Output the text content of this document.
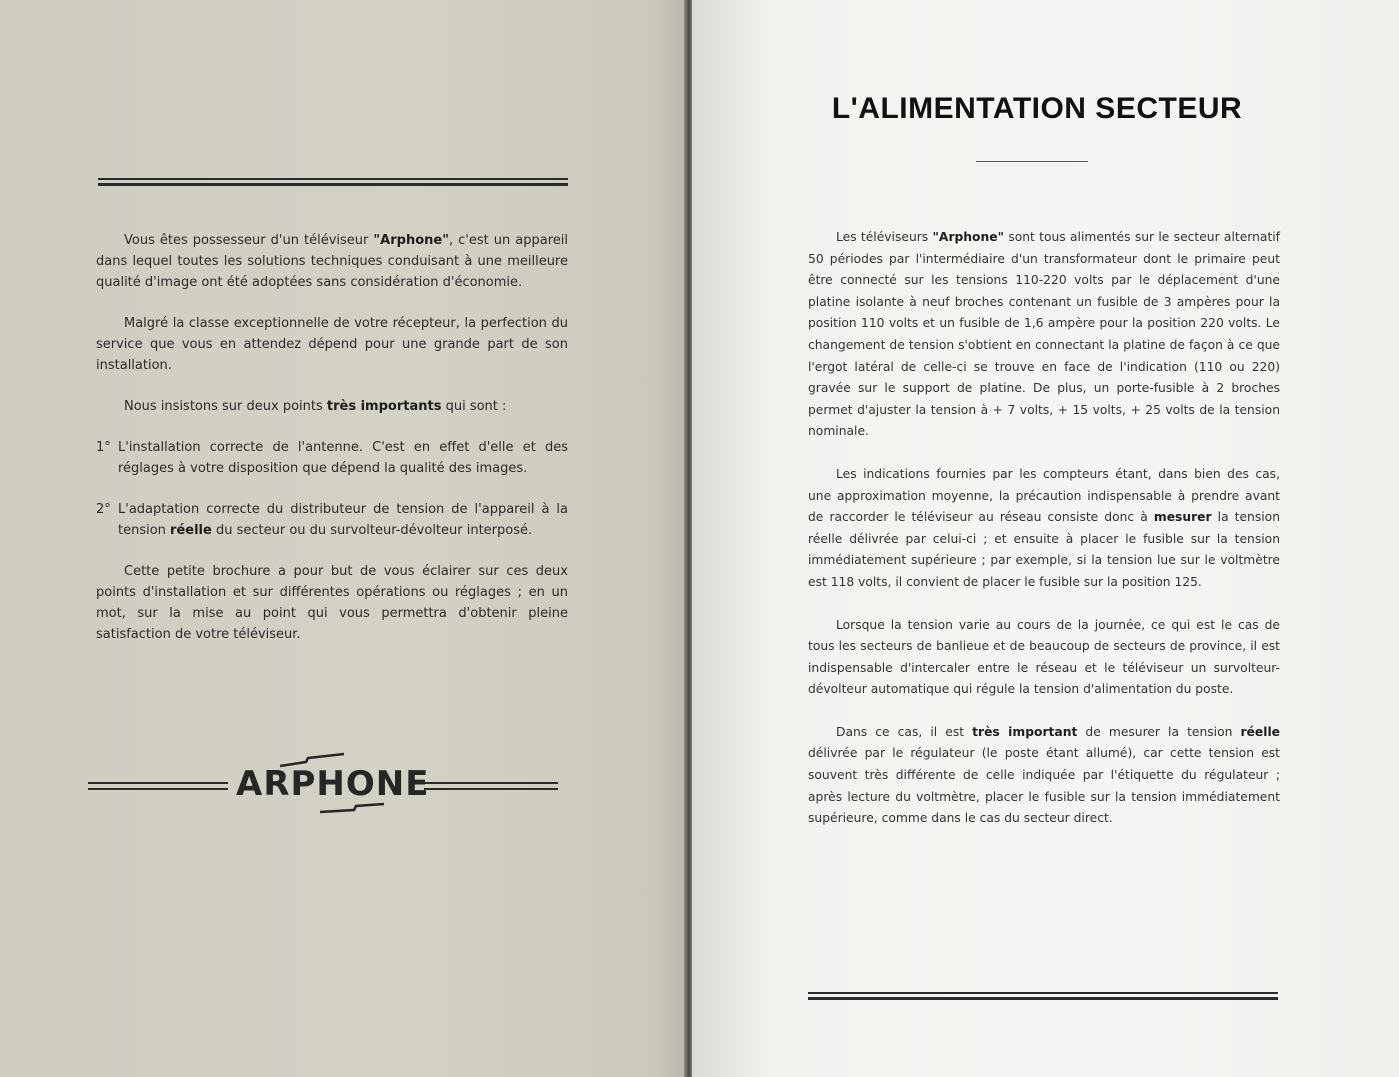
Vous êtes possesseur d'un téléviseur "Arphone", c'est un appareil dans lequel toutes les solutions techniques conduisant à une meilleure qualité d'image ont été adoptées sans considération d'économie.

Malgré la classe exceptionnelle de votre récepteur, la perfection du service que vous en attendez dépend pour une grande part de son installation.

Nous insistons sur deux points très importants qui sont :

1° L'installation correcte de l'antenne. C'est en effet d'elle et des réglages à votre disposition que dépend la qualité des images.
2° L'adaptation correcte du distributeur de tension de l'appareil à la tension réelle du secteur ou du survolteur-dévolteur interposé.

Cette petite brochure a pour but de vous éclairer sur ces deux points d'installation et sur différentes opérations ou réglages ; en un mot, sur la mise au point qui vous permettra d'obtenir pleine satisfaction de votre téléviseur.

ARPHONE
L'ALIMENTATION SECTEUR

Les téléviseurs "Arphone" sont tous alimentés sur le secteur alternatif 50 périodes par l'intermédiaire d'un transformateur dont le primaire peut être connecté sur les tensions 110-220 volts par le déplacement d'une platine isolante à neuf broches contenant un fusible de 3 ampères pour la position 110 volts et un fusible de 1,6 ampère pour la position 220 volts. Le changement de tension s'obtient en connectant la platine de façon à ce que l'ergot latéral de celle-ci se trouve en face de l'indication (110 ou 220) gravée sur le support de platine. De plus, un porte-fusible à 2 broches permet d'ajuster la tension à + 7 volts, + 15 volts, + 25 volts de la tension nominale.

Les indications fournies par les compteurs étant, dans bien des cas, une approximation moyenne, la précaution indispensable à prendre avant de raccorder le téléviseur au réseau consiste donc à mesurer la tension réelle délivrée par celui-ci ; et ensuite à placer le fusible sur la tension immédiatement supérieure ; par exemple, si la tension lue sur le voltmètre est 118 volts, il convient de placer le fusible sur la position 125.

Lorsque la tension varie au cours de la journée, ce qui est le cas de tous les secteurs de banlieue et de beaucoup de secteurs de province, il est indispensable d'intercaler entre le réseau et le téléviseur un survolteur-dévolteur automatique qui régule la tension d'alimentation du poste.

Dans ce cas, il est très important de mesurer la tension réelle délivrée par le régulateur (le poste étant allumé), car cette tension est souvent très différente de celle indiquée par l'étiquette du régulateur ; après lecture du voltmètre, placer le fusible sur la tension immédiatement supérieure, comme dans le cas du secteur direct.
